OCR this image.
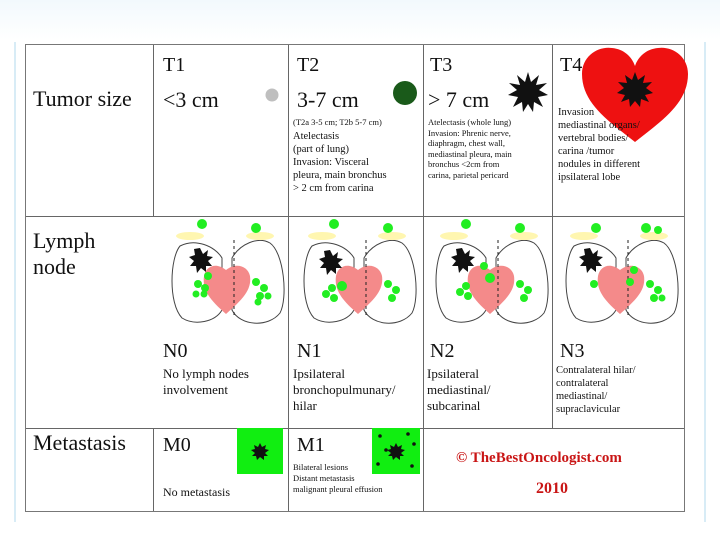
Tumor size
Lymph node
Metastasis
T1
<3 cm
T2
3-7 cm
(T2a 3-5 cm; T2b 5-7 cm)
Atelectasis
(part of lung)
Invasion: Visceral
pleura, main bronchus
> 2 cm from carina
T3
> 7 cm
Atelectasis (whole lung)
Invasion: Phrenic nerve,
diaphragm, chest wall,
mediastinal pleura, main
bronchus <2cm from
carina, parietal pericard
T4
Invasion
mediastinal organs/
vertebral bodies/
carina /tumor
nodules in different
ipsilateral lobe
N0
No lymph nodes
involvement
N1
Ipsilateral
bronchopulmunary/
hilar
N2
Ipsilateral
mediastinal/
subcarinal
N3
Contralateral hilar/
contralateral
mediastinal/
supraclavicular
M0
No metastasis
M1
Bilateral lesions
Distant metastasis
malignant pleural effusion
© TheBestOncologist.com
2010
